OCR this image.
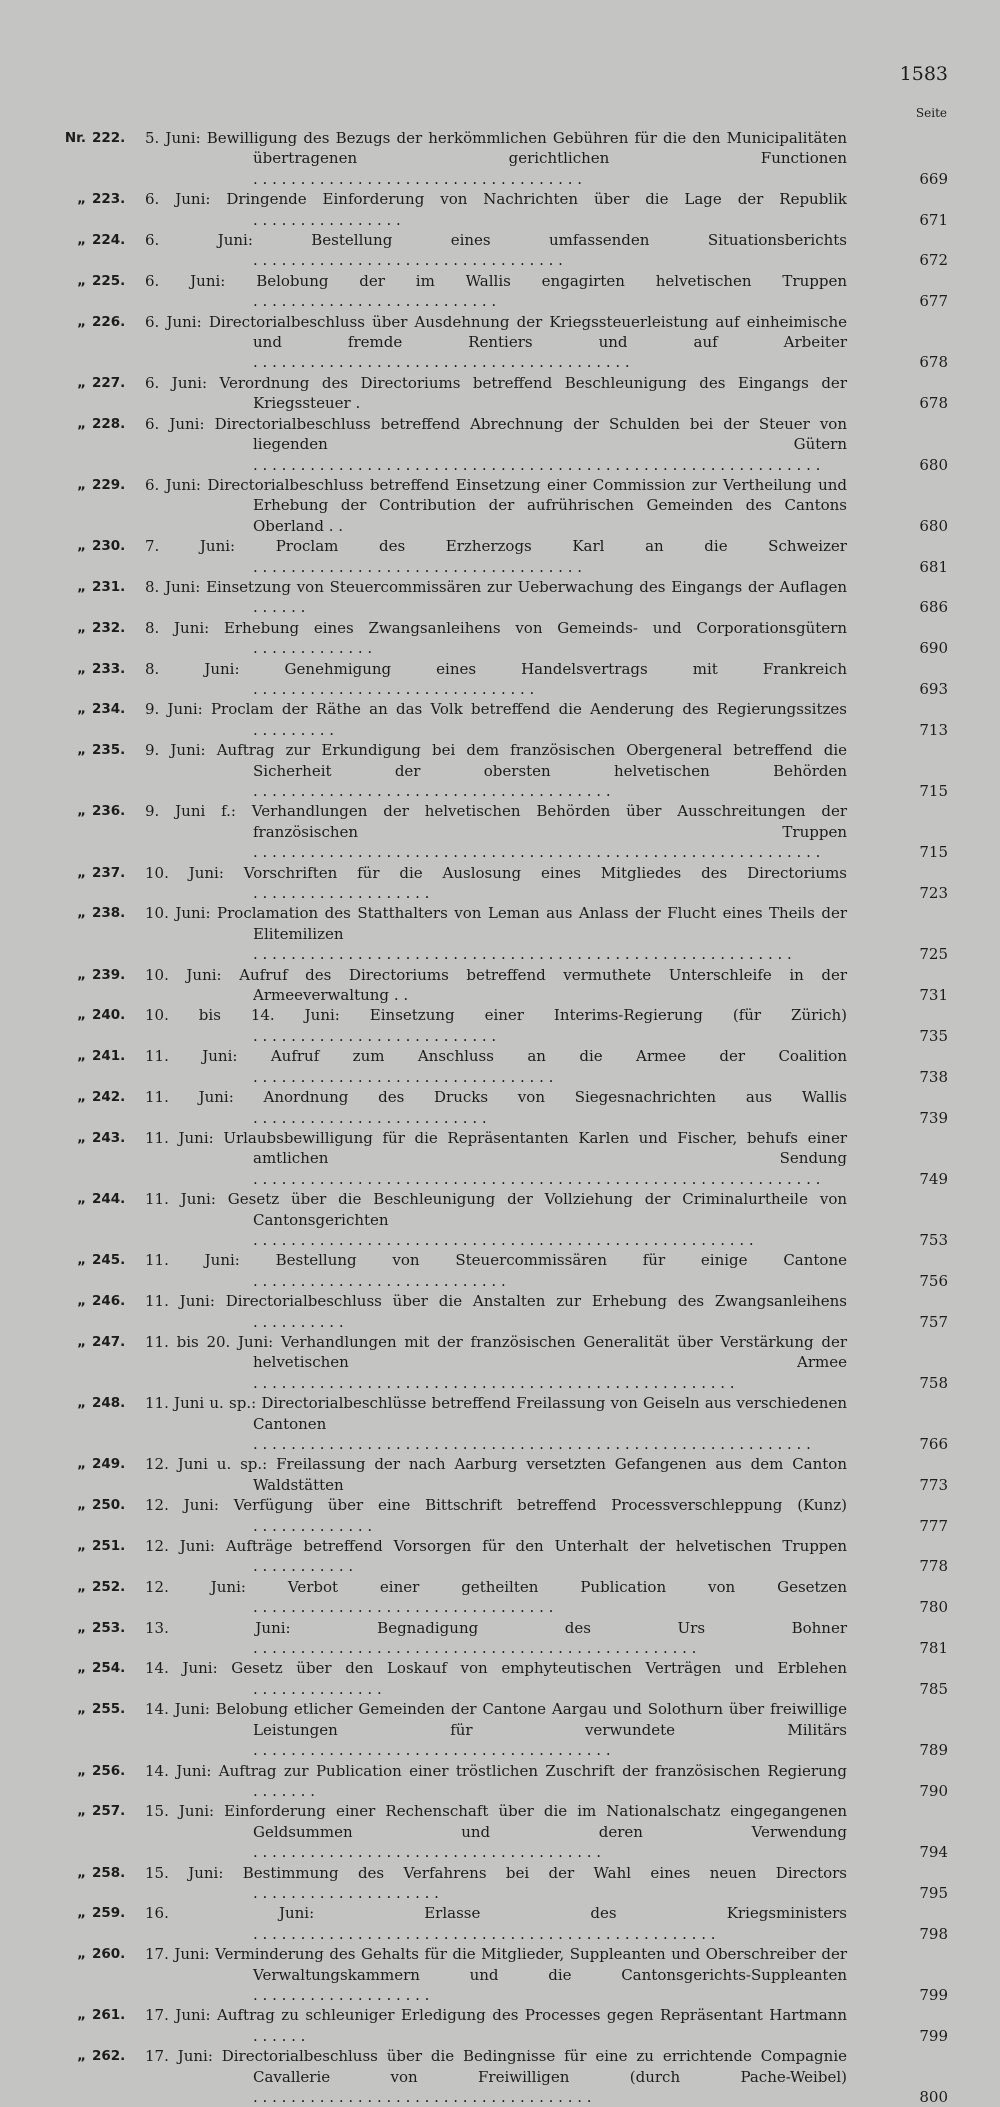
1583
Seite
Nr. 222.	5. Juni: Bewilligung des Bezugs der herkömmlichen Gebühren für die den Municipalitäten übertragenen gerichtlichen Functionen . . . . . . . . . . . . . . . . . . . . . . . . . . . . . . . . . . .	669
„ 223.	6. Juni: Dringende Einforderung von Nachrichten über die Lage der Republik . . . . . . . . . . . . . . . .	671
„ 224.	6. Juni: Bestellung eines umfassenden Situationsberichts . . . . . . . . . . . . . . . . . . . . . . . . . . . . . . . . .	672
„ 225.	6. Juni: Belobung der im Wallis engagirten helvetischen Truppen . . . . . . . . . . . . . . . . . . . . . . . . . .	677
„ 226.	6. Juni: Directorialbeschluss über Ausdehnung der Kriegssteuerleistung auf einheimische und fremde Rentiers und auf Arbeiter . . . . . . . . . . . . . . . . . . . . . . . . . . . . . . . . . . . . . . . .	678
„ 227.	6. Juni: Verordnung des Directoriums betreffend Beschleunigung des Eingangs der Kriegssteuer .	678
„ 228.	6. Juni: Directorialbeschluss betreffend Abrechnung der Schulden bei der Steuer von liegenden Gütern . . . . . . . . . . . . . . . . . . . . . . . . . . . . . . . . . . . . . . . . . . . . . . . . . . . . . . . . . . . .	680
„ 229.	6. Juni: Directorialbeschluss betreffend Einsetzung einer Commission zur Vertheilung und Erhebung der Contribution der aufrührischen Gemeinden des Cantons Oberland . .	680
„ 230.	7. Juni: Proclam des Erzherzogs Karl an die Schweizer . . . . . . . . . . . . . . . . . . . . . . . . . . . . . . . . . . .	681
„ 231.	8. Juni: Einsetzung von Steuercommissären zur Ueberwachung des Eingangs der Auflagen . . . . . .	686
„ 232.	8. Juni: Erhebung eines Zwangsanleihens von Gemeinds- und Corporationsgütern . . . . . . . . . . . . .	690
„ 233.	8. Juni: Genehmigung eines Handelsvertrags mit Frankreich . . . . . . . . . . . . . . . . . . . . . . . . . . . . . .	693
„ 234.	9. Juni: Proclam der Räthe an das Volk betreffend die Aenderung des Regierungssitzes . . . . . . . . .	713
„ 235.	9. Juni: Auftrag zur Erkundigung bei dem französischen Obergeneral betreffend die Sicherheit der obersten helvetischen Behörden . . . . . . . . . . . . . . . . . . . . . . . . . . . . . . . . . . . . . .	715
„ 236.	9. Juni f.: Verhandlungen der helvetischen Behörden über Ausschreitungen der französischen Truppen . . . . . . . . . . . . . . . . . . . . . . . . . . . . . . . . . . . . . . . . . . . . . . . . . . . . . . . . . . . .	715
„ 237.	10. Juni: Vorschriften für die Auslosung eines Mitgliedes des Directoriums . . . . . . . . . . . . . . . . . . .	723
„ 238.	10. Juni: Proclamation des Statthalters von Leman aus Anlass der Flucht eines Theils der Elitemilizen . . . . . . . . . . . . . . . . . . . . . . . . . . . . . . . . . . . . . . . . . . . . . . . . . . . . . . . . .	725
„ 239.	10. Juni: Aufruf des Directoriums betreffend vermuthete Unterschleife in der Armeeverwaltung . .	731
„ 240.	10. bis 14. Juni: Einsetzung einer Interims-Regierung (für Zürich) . . . . . . . . . . . . . . . . . . . . . . . . . .	735
„ 241.	11. Juni: Aufruf zum Anschluss an die Armee der Coalition . . . . . . . . . . . . . . . . . . . . . . . . . . . . . . . .	738
„ 242.	11. Juni: Anordnung des Drucks von Siegesnachrichten aus Wallis . . . . . . . . . . . . . . . . . . . . . . . . .	739
„ 243.	11. Juni: Urlaubsbewilligung für die Repräsentanten Karlen und Fischer, behufs einer amtlichen Sendung . . . . . . . . . . . . . . . . . . . . . . . . . . . . . . . . . . . . . . . . . . . . . . . . . . . . . . . . . . . .	749
„ 244.	11. Juni: Gesetz über die Beschleunigung der Vollziehung der Criminalurtheile von Cantonsgerichten . . . . . . . . . . . . . . . . . . . . . . . . . . . . . . . . . . . . . . . . . . . . . . . . . . . . .	753
„ 245.	11. Juni: Bestellung von Steuercommissären für einige Cantone . . . . . . . . . . . . . . . . . . . . . . . . . . .	756
„ 246.	11. Juni: Directorialbeschluss über die Anstalten zur Erhebung des Zwangsanleihens . . . . . . . . . .	757
„ 247.	11. bis 20. Juni: Verhandlungen mit der französischen Generalität über Verstärkung der helvetischen Armee . . . . . . . . . . . . . . . . . . . . . . . . . . . . . . . . . . . . . . . . . . . . . . . . . . .	758
„ 248.	11. Juni u. sp.: Directorialbeschlüsse betreffend Freilassung von Geiseln aus verschiedenen Cantonen . . . . . . . . . . . . . . . . . . . . . . . . . . . . . . . . . . . . . . . . . . . . . . . . . . . . . . . . . . .	766
„ 249.	12. Juni u. sp.: Freilassung der nach Aarburg versetzten Gefangenen aus dem Canton Waldstätten	773
„ 250.	12. Juni: Verfügung über eine Bittschrift betreffend Processverschleppung (Kunz) . . . . . . . . . . . . .	777
„ 251.	12. Juni: Aufträge betreffend Vorsorgen für den Unterhalt der helvetischen Truppen . . . . . . . . . . .	778
„ 252.	12. Juni: Verbot einer getheilten Publication von Gesetzen . . . . . . . . . . . . . . . . . . . . . . . . . . . . . . . .	780
„ 253.	13. Juni: Begnadigung des Urs Bohner . . . . . . . . . . . . . . . . . . . . . . . . . . . . . . . . . . . . . . . . . . . . . . .	781
„ 254.	14. Juni: Gesetz über den Loskauf von emphyteutischen Verträgen und Erblehen . . . . . . . . . . . . . .	785
„ 255.	14. Juni: Belobung etlicher Gemeinden der Cantone Aargau und Solothurn über freiwillige Leistungen für verwundete Militärs . . . . . . . . . . . . . . . . . . . . . . . . . . . . . . . . . . . . . .	789
„ 256.	14. Juni: Auftrag zur Publication einer tröstlichen Zuschrift der französischen Regierung . . . . . . .	790
„ 257.	15. Juni: Einforderung einer Rechenschaft über die im Nationalschatz eingegangenen Geldsummen und deren Verwendung . . . . . . . . . . . . . . . . . . . . . . . . . . . . . . . . . . . . .	794
„ 258.	15. Juni: Bestimmung des Verfahrens bei der Wahl eines neuen Directors . . . . . . . . . . . . . . . . . . . .	795
„ 259.	16. Juni: Erlasse des Kriegsministers . . . . . . . . . . . . . . . . . . . . . . . . . . . . . . . . . . . . . . . . . . . . . . . . .	798
„ 260.	17. Juni: Verminderung des Gehalts für die Mitglieder, Suppleanten und Oberschreiber der Verwaltungskammern und die Cantonsgerichts-Suppleanten . . . . . . . . . . . . . . . . . . .	799
„ 261.	17. Juni: Auftrag zu schleuniger Erledigung des Processes gegen Repräsentant Hartmann . . . . . .	799
„ 262.	17. Juni: Directorialbeschluss über die Bedingnisse für eine zu errichtende Compagnie Cavallerie von Freiwilligen (durch Pache-Weibel) . . . . . . . . . . . . . . . . . . . . . . . . . . . . . . . . . . . .	800
